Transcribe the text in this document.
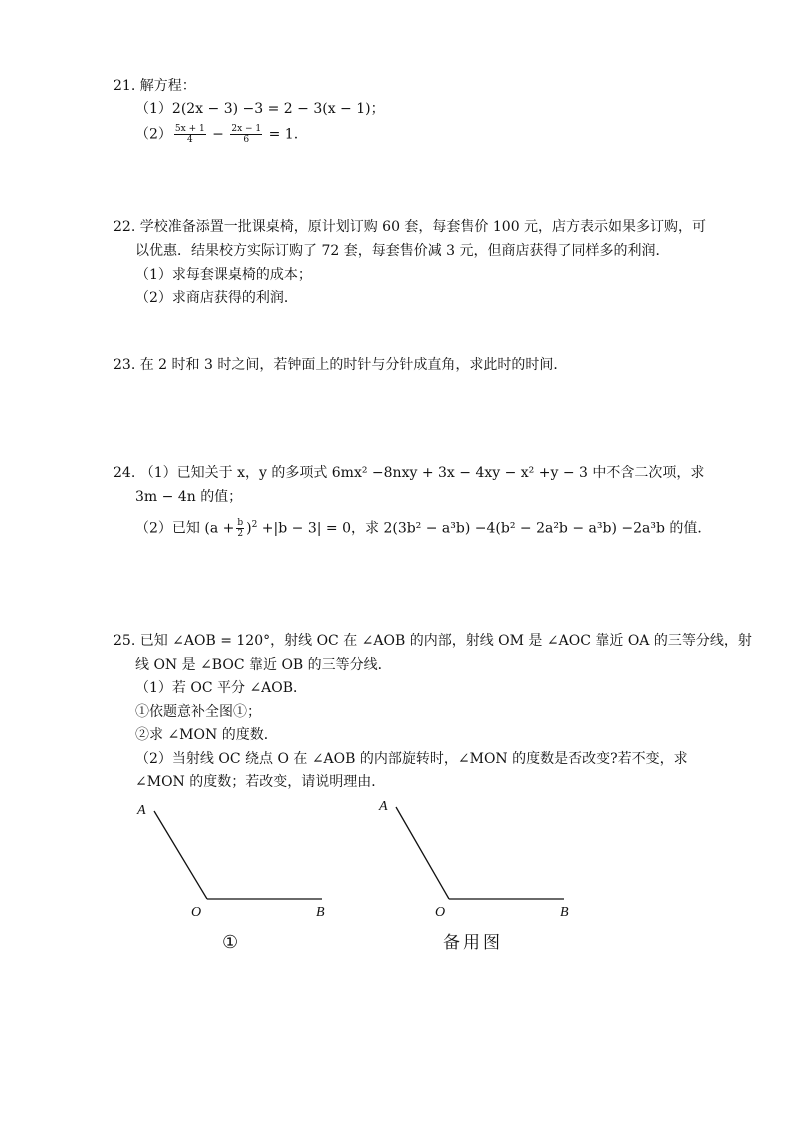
21. 解方程：
（1）2(2x − 3) −3 = 2 − 3(x − 1)；
$(2) \frac{5x + 1}{4} - \frac{2x - 1}{6} = 1$.
22. 学校准备添置一批课桌椅，原计划订购 60 套，每套售价 100 元，店方表示如果多订购，可
以优惠．结果校方实际订购了 72 套，每套售价减 3 元，但商店获得了同样多的利润．
（1）求每套课桌椅的成本；
（2）求商店获得的利润．
23. 在 2 时和 3 时之间，若钟面上的时针与分针成直角，求此时的时间．
24. （1）已知关于 x，y 的多项式 6mx² −8nxy + 3x − 4xy − x² +y − 3 中不含二次项，求
3m − 4n 的值；
（2）已知 $(a + \frac{b}{2} )^2 +|b - 3| = 0$，求 2(3b² − a³b) −4(b² − 2a²b − a³b) −2a³b 的值．
25. 已知 ∠AOB = 120°，射线 OC 在 ∠AOB 的内部，射线 OM 是 ∠AOC 靠近 OA 的三等分线，射
线 ON 是 ∠BOC 靠近 OB 的三等分线．
（1）若 OC 平分 ∠AOB．
①依题意补全图①；
②求 ∠MON 的度数．
（2）当射线 OC 绕点 O 在 ∠AOB 的内部旋转时，∠MON 的度数是否改变?若不变，求
∠MON 的度数；若改变，请说明理由．
A
O	B
①
A
O	B
备用图
